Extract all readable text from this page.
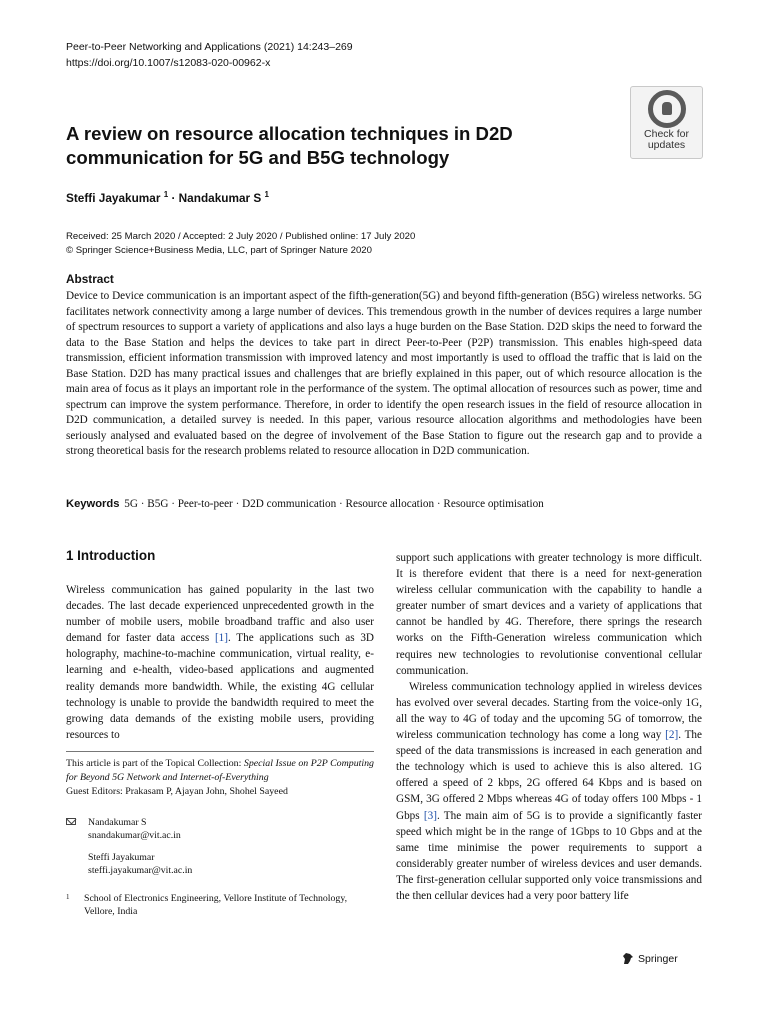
Peer-to-Peer Networking and Applications (2021) 14:243–269
https://doi.org/10.1007/s12083-020-00962-x
Check for updates
A review on resource allocation techniques in D2D communication for 5G and B5G technology
Steffi Jayakumar $^1$ · Nandakumar S $^1$
Received: 25 March 2020 / Accepted: 2 July 2020 / Published online: 17 July 2020
© Springer Science+Business Media, LLC, part of Springer Nature 2020
Abstract

Device to Device communication is an important aspect of the fifth-generation(5G) and beyond fifth-generation (B5G) wireless networks. 5G facilitates network connectivity among a large number of devices. This tremendous growth in the number of devices requires a large number of spectrum resources to support a variety of applications and also lays a huge burden on the Base Station. D2D skips the need to forward the data to the Base Station and helps the devices to take part in direct Peer-to-Peer (P2P) transmission. This enables high-speed data transmission, efficient information transmission with improved latency and most importantly is used to offload the traffic that is laid on the Base Station. D2D has many practical issues and challenges that are briefly explained in this paper, out of which resource allocation is the main area of focus as it plays an important role in the performance of the system. The optimal allocation of resources such as power, time and spectrum can improve the system performance. Therefore, in order to identify the open research issues in the field of resource allocation in D2D communication, a detailed survey is needed. In this paper, various resource allocation algorithms and methodologies have been seriously analysed and evaluated based on the degree of involvement of the Base Station to figure out the research gap and to provide a strong theoretical basis for the research problems related to resource allocation in D2D communication.

Keywords 5G · B5G · Peer-to-peer · D2D communication · Resource allocation · Resource optimisation
1 Introduction

Wireless communication has gained popularity in the last two decades. The last decade experienced unprecedented growth in the number of mobile users, mobile broadband traffic and also user demand for faster data access [1]. The applications such as 3D holography, machine-to-machine communication, virtual reality, e-learning and e-health, video-based applications and augmented reality demands more bandwidth. While, the existing 4G cellular technology is unable to provide the bandwidth required to meet the growing data demands of the existing mobile users, providing resources to

support such applications with greater technology is more difficult. It is therefore evident that there is a need for next-generation wireless cellular communication with the capability to handle a greater number of smart devices and a variety of applications that cannot be handled by 4G. Therefore, there springs the research works on the Fifth-Generation wireless communication which requires new technologies to revolutionise conventional cellular communication.

Wireless communication technology applied in wireless devices has evolved over several decades. Starting from the voice-only 1G, all the way to 4G of today and the upcoming 5G of tomorrow, the wireless communication technology has come a long way [2]. The speed of the data transmissions is increased in each generation and the technology which is used to achieve this is also altered. 1G offered a speed of 2 kbps, 2G offered 64 Kbps and is based on GSM, 3G offered 2 Mbps whereas 4G of today offers 100 Mbps - 1 Gbps [3]. The main aim of 5G is to provide a significantly faster speed which might be in the range of 1Gbps to 10 Gbps and at the same time minimise the power requirements to support a considerably greater number of wireless devices and user demands. The first-generation cellular supported only voice transmissions and the then cellular devices had a very poor battery life

This article is part of the Topical Collection: Special Issue on P2P Computing for Beyond 5G Network and Internet-of-Everything
Guest Editors: Prakasam P, Ajayan John, Shohel Sayeed

Nandakumar S
snandakumar@vit.ac.in
Steffi Jayakumar
steffi.jayakumar@vit.ac.in
1 School of Electronics Engineering, Vellore Institute of Technology, Vellore, India
Springer
